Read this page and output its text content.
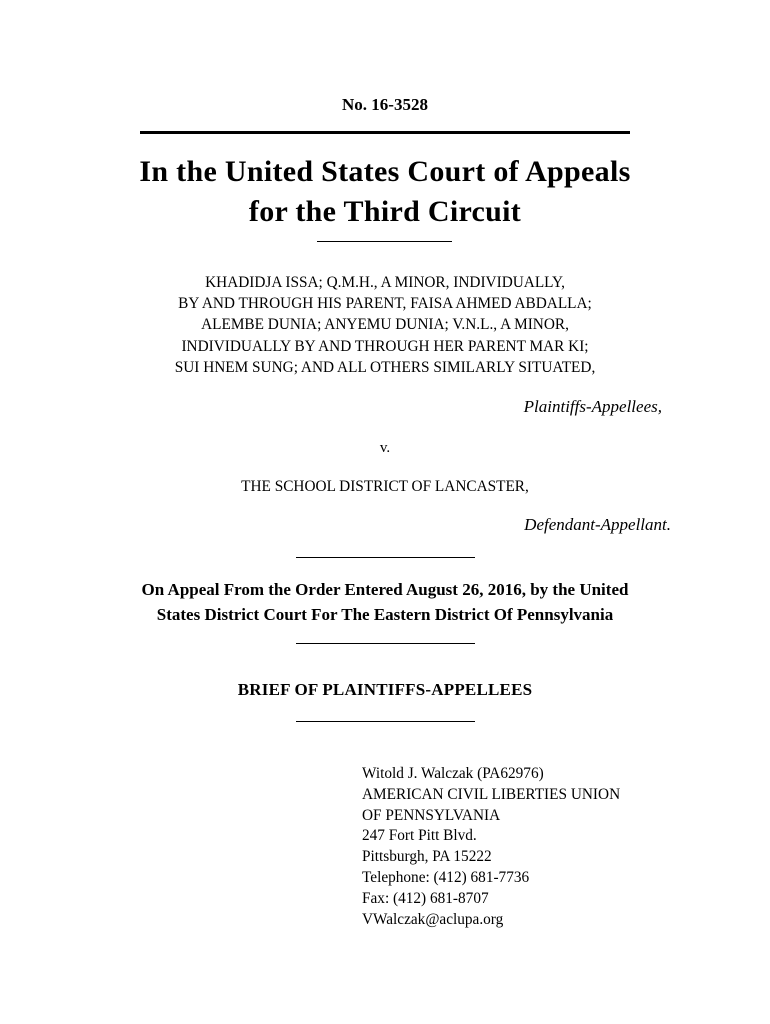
No. 16-3528
In the United States Court of Appeals
for the Third Circuit
KHADIDJA ISSA; Q.M.H., A MINOR, INDIVIDUALLY,
BY AND THROUGH HIS PARENT, FAISA AHMED ABDALLA;
ALEMBE DUNIA; ANYEMU DUNIA; V.N.L., A MINOR,
INDIVIDUALLY BY AND THROUGH HER PARENT MAR KI;
SUI HNEM SUNG; AND ALL OTHERS SIMILARLY SITUATED,
Plaintiffs-Appellees,
v.
THE SCHOOL DISTRICT OF LANCASTER,
Defendant-Appellant.
On Appeal From the Order Entered August 26, 2016, by the United
States District Court For The Eastern District Of Pennsylvania
BRIEF OF PLAINTIFFS-APPELLEES
Witold J. Walczak (PA62976)
AMERICAN CIVIL LIBERTIES UNION
OF PENNSYLVANIA
247 Fort Pitt Blvd.
Pittsburgh, PA 15222
Telephone: (412) 681-7736
Fax: (412) 681-8707
VWalczak@aclupa.org
